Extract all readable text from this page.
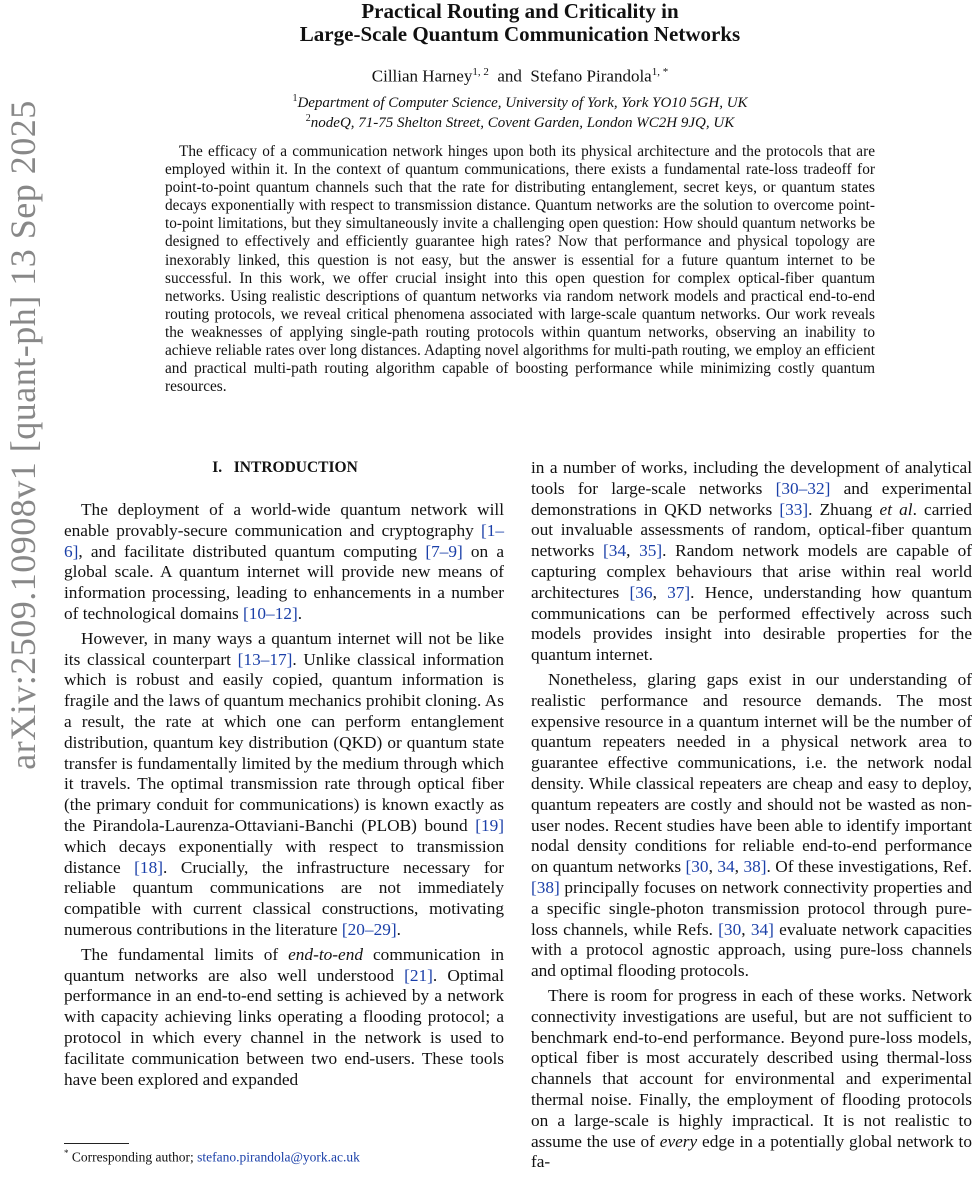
arXiv:2509.10908v1 [quant-ph] 13 Sep 2025
Practical Routing and Criticality in
Large-Scale Quantum Communication Networks
Cillian Harney$^{1, 2}$ and Stefano Pirandola$^{1, *}$
$^1$Department of Computer Science, University of York, York YO10 5GH, UK
$^2$nodeQ, 71-75 Shelton Street, Covent Garden, London WC2H 9JQ, UK
The efficacy of a communication network hinges upon both its physical architecture and the protocols that are employed within it. In the context of quantum communications, there exists a fundamental rate-loss tradeoff for point-to-point quantum channels such that the rate for distributing entanglement, secret keys, or quantum states decays exponentially with respect to transmission distance. Quantum networks are the solution to overcome point-to-point limitations, but they simultaneously invite a challenging open question: How should quantum networks be designed to effectively and efficiently guarantee high rates? Now that performance and physical topology are inexorably linked, this question is not easy, but the answer is essential for a future quantum internet to be successful. In this work, we offer crucial insight into this open question for complex optical-fiber quantum networks. Using realistic descriptions of quantum networks via random network models and practical end-to-end routing protocols, we reveal critical phenomena associated with large-scale quantum networks. Our work reveals the weaknesses of applying single-path routing protocols within quantum networks, observing an inability to achieve reliable rates over long distances. Adapting novel algorithms for multi-path routing, we employ an efficient and practical multi-path routing algorithm capable of boosting performance while minimizing costly quantum resources.
I. INTRODUCTION

The deployment of a world-wide quantum network will enable provably-secure communication and cryptography [1–6], and facilitate distributed quantum computing [7–9] on a global scale. A quantum internet will provide new means of information processing, leading to enhancements in a number of technological domains [10–12].

However, in many ways a quantum internet will not be like its classical counterpart [13–17]. Unlike classical information which is robust and easily copied, quantum information is fragile and the laws of quantum mechanics prohibit cloning. As a result, the rate at which one can perform entanglement distribution, quantum key distribution (QKD) or quantum state transfer is fundamentally limited by the medium through which it travels. The optimal transmission rate through optical fiber (the primary conduit for communications) is known exactly as the Pirandola-Laurenza-Ottaviani-Banchi (PLOB) bound [19] which decays exponentially with respect to transmission distance [18]. Crucially, the infrastructure necessary for reliable quantum communications are not immediately compatible with current classical constructions, motivating numerous contributions in the literature [20–29].

The fundamental limits of end-to-end communication in quantum networks are also well understood [21]. Optimal performance in an end-to-end setting is achieved by a network with capacity achieving links operating a flooding protocol; a protocol in which every channel in the network is used to facilitate communication between two end-users. These tools have been explored and expanded

in a number of works, including the development of analytical tools for large-scale networks [30–32] and experimental demonstrations in QKD networks [33]. Zhuang et al. carried out invaluable assessments of random, optical-fiber quantum networks [34, 35]. Random network models are capable of capturing complex behaviours that arise within real world architectures [36, 37]. Hence, understanding how quantum communications can be performed effectively across such models provides insight into desirable properties for the quantum internet.

Nonetheless, glaring gaps exist in our understanding of realistic performance and resource demands. The most expensive resource in a quantum internet will be the number of quantum repeaters needed in a physical network area to guarantee effective communications, i.e. the network nodal density. While classical repeaters are cheap and easy to deploy, quantum repeaters are costly and should not be wasted as non-user nodes. Recent studies have been able to identify important nodal density conditions for reliable end-to-end performance on quantum networks [30, 34, 38]. Of these investigations, Ref. [38] principally focuses on network connectivity properties and a specific single-photon transmission protocol through pure-loss channels, while Refs. [30, 34] evaluate network capacities with a protocol agnostic approach, using pure-loss channels and optimal flooding protocols.

There is room for progress in each of these works. Network connectivity investigations are useful, but are not sufficient to benchmark end-to-end performance. Beyond pure-loss models, optical fiber is most accurately described using thermal-loss channels that account for environmental and experimental thermal noise. Finally, the employment of flooding protocols on a large-scale is highly impractical. It is not realistic to assume the use of every edge in a potentially global network to fa-

* Corresponding author; stefano.pirandola@york.ac.uk
